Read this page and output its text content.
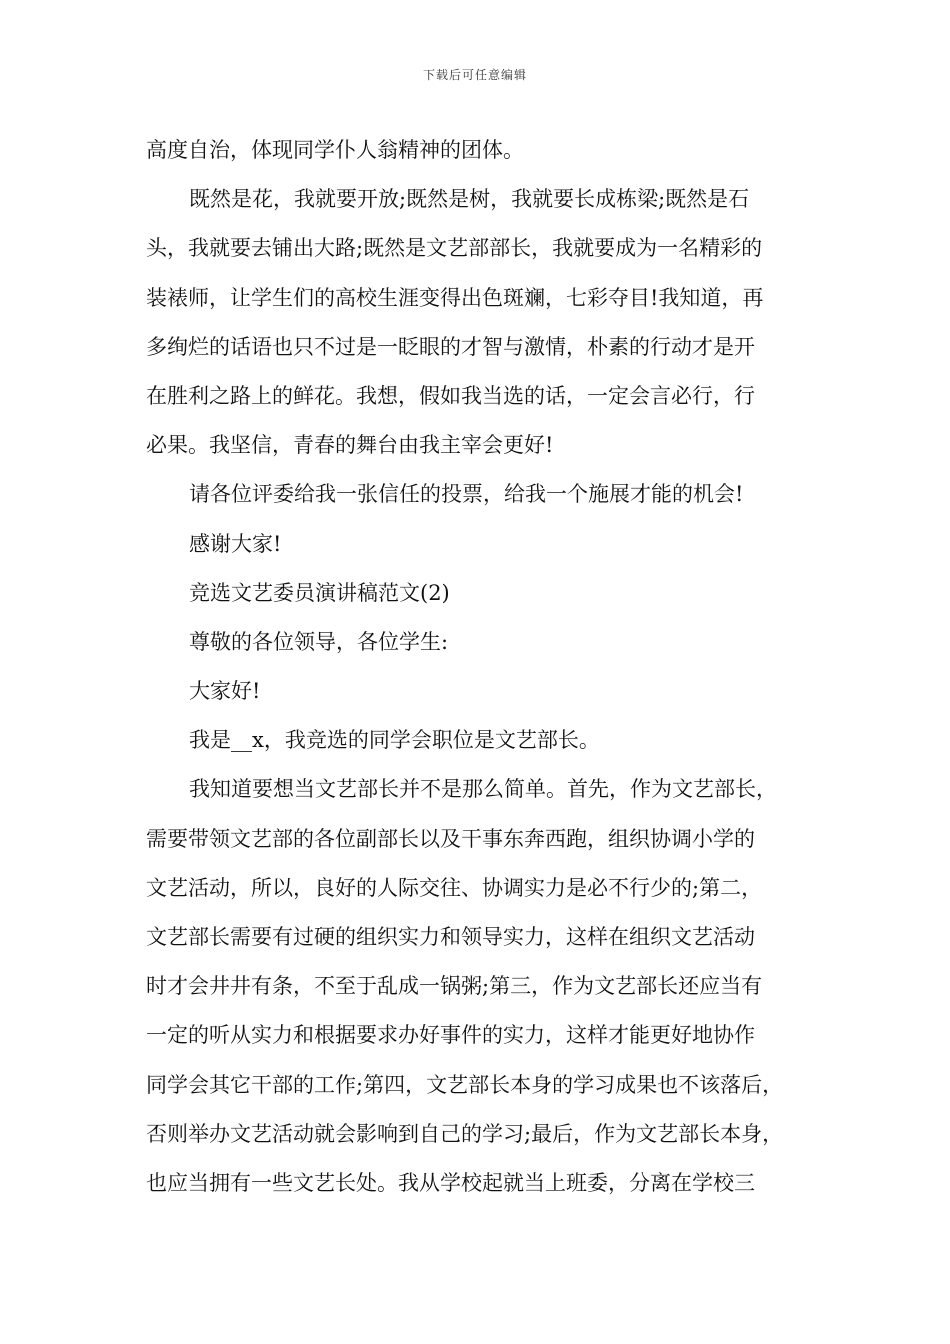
下载后可任意编辑
高度自治，体现同学仆人翁精神的团体。
既然是花，我就要开放;既然是树，我就要长成栋梁;既然是石
头，我就要去铺出大路;既然是文艺部部长，我就要成为一名精彩的
装裱师，让学生们的高校生涯变得出色斑斓，七彩夺目!我知道，再
多绚烂的话语也只不过是一眨眼的才智与激情，朴素的行动才是开
在胜利之路上的鲜花。我想，假如我当选的话，一定会言必行，行
必果。我坚信，青春的舞台由我主宰会更好!
请各位评委给我一张信任的投票，给我一个施展才能的机会!
感谢大家!
竞选文艺委员演讲稿范文(2)
尊敬的各位领导，各位学生:
大家好!
我是__x，我竞选的同学会职位是文艺部长。
我知道要想当文艺部长并不是那么简单。首先，作为文艺部长，
需要带领文艺部的各位副部长以及干事东奔西跑，组织协调小学的
文艺活动，所以，良好的人际交往、协调实力是必不行少的;第二，
文艺部长需要有过硬的组织实力和领导实力，这样在组织文艺活动
时才会井井有条，不至于乱成一锅粥;第三，作为文艺部长还应当有
一定的听从实力和根据要求办好事件的实力，这样才能更好地协作
同学会其它干部的工作;第四，文艺部长本身的学习成果也不该落后，
否则举办文艺活动就会影响到自己的学习;最后，作为文艺部长本身，
也应当拥有一些文艺长处。我从学校起就当上班委，分离在学校三
